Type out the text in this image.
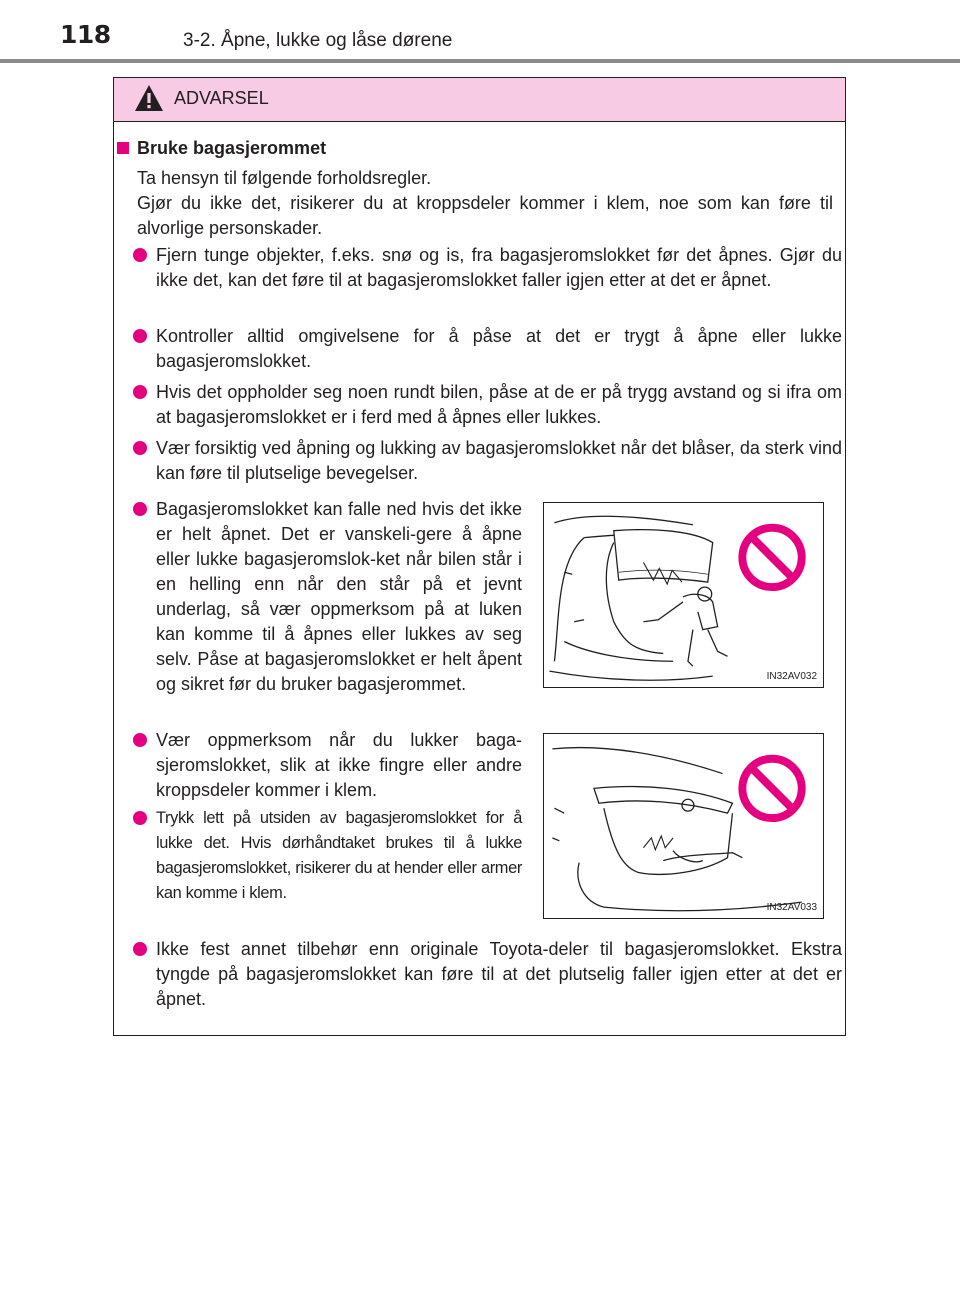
118	3-2. Åpne, lukke og låse dørene
ADVARSEL
Bruke bagasjerommet
Ta hensyn til følgende forholdsregler.
Gjør du ikke det, risikerer du at kroppsdeler kommer i klem, noe som kan føre til alvorlige personskader.
Fjern tunge objekter, f.eks. snø og is, fra bagasjeromslokket før det åpnes. Gjør du ikke det, kan det føre til at bagasjeromslokket faller igjen etter at det er åpnet.
Kontroller alltid omgivelsene for å påse at det er trygt å åpne eller lukke bagasjeromslokket.
Hvis det oppholder seg noen rundt bilen, påse at de er på trygg avstand og si ifra om at bagasjeromslokket er i ferd med å åpnes eller lukkes.
Vær forsiktig ved åpning og lukking av bagasjeromslokket når det blåser, da sterk vind kan føre til plutselige bevegelser.
Bagasjeromslokket kan falle ned hvis det ikke er helt åpnet. Det er vanskeli-gere å åpne eller lukke bagasjeromslok-ket når bilen står i en helling enn når den står på et jevnt underlag, så vær oppmerksom på at luken kan komme til å åpnes eller lukkes av seg selv. Påse at bagasjeromslokket er helt åpent og sikret før du bruker bagasjerommet.
Vær oppmerksom når du lukker baga-sjeromslokket, slik at ikke fingre eller andre kroppsdeler kommer i klem.
Trykk lett på utsiden av bagasjeromslokket for å lukke det. Hvis dørhåndtaket brukes til å lukke bagasjeromslokket, risikerer du at hender eller armer kan komme i klem.
Ikke fest annet tilbehør enn originale Toyota-deler til bagasjeromslokket. Ekstra tyngde på bagasjeromslokket kan føre til at det plutselig faller igjen etter at det er åpnet.
IN32AV032
IN32AV033
